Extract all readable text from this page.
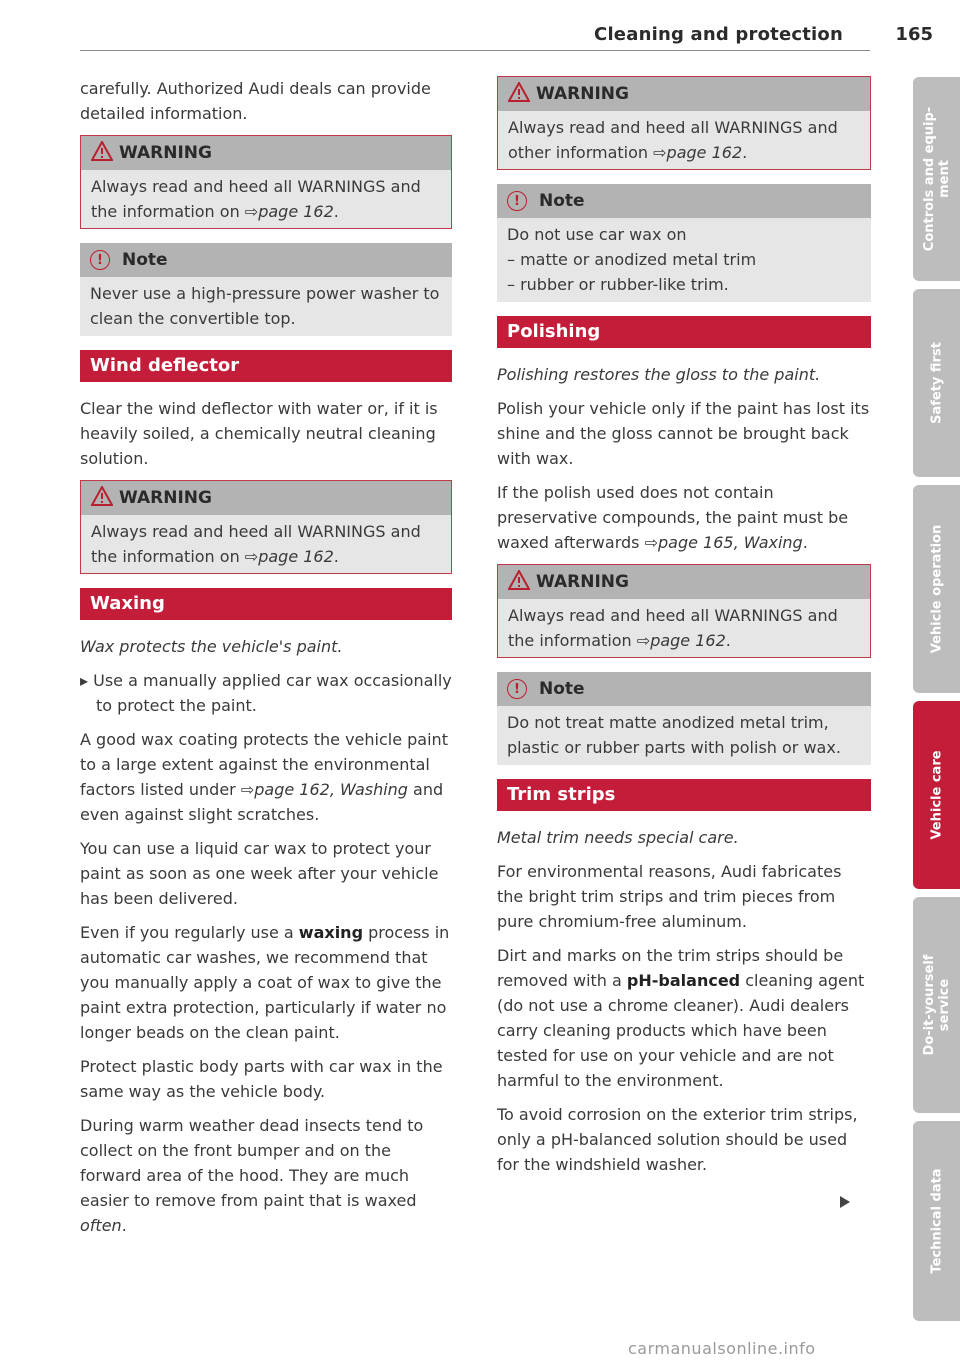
Cleaning and protection	165

carefully. Authorized Audi deals can provide detailed information.

WARNING
Always read and heed all WARNINGS and the information on ⇨page 162.
! Note
Never use a high-pressure power washer to clean the convertible top.
Wind deflector

Clear the wind deflector with water or, if it is heavily soiled, a chemically neutral cleaning solution.

WARNING
Always read and heed all WARNINGS and the information on ⇨page 162.
Waxing

Wax protects the vehicle's paint.

▸ Use a manually applied car wax occasionally to protect the paint.

A good wax coating protects the vehicle paint to a large extent against the environmental factors listed under ⇨page 162, Washing and even against slight scratches.

You can use a liquid car wax to protect your paint as soon as one week after your vehicle has been delivered.

Even if you regularly use a waxing process in automatic car washes, we recommend that you manually apply a coat of wax to give the paint extra protection, particularly if water no longer beads on the clean paint.

Protect plastic body parts with car wax in the same way as the vehicle body.

During warm weather dead insects tend to collect on the front bumper and on the forward area of the hood. They are much easier to remove from paint that is waxed often.

WARNING
Always read and heed all WARNINGS and other information ⇨page 162.
! Note

Do not use car wax on

– matte or anodized metal trim

– rubber or rubber-like trim.

Polishing

Polishing restores the gloss to the paint.

Polish your vehicle only if the paint has lost its shine and the gloss cannot be brought back with wax.

If the polish used does not contain preservative compounds, the paint must be waxed afterwards ⇨page 165, Waxing.

WARNING
Always read and heed all WARNINGS and the information ⇨page 162.
! Note
Do not treat matte anodized metal trim, plastic or rubber parts with polish or wax.
Trim strips

Metal trim needs special care.

For environmental reasons, Audi fabricates the bright trim strips and trim pieces from pure chromium-free aluminum.

Dirt and marks on the trim strips should be removed with a pH-balanced cleaning agent (do not use a chrome cleaner). Audi dealers carry cleaning products which have been tested for use on your vehicle and are not harmful to the environment.

To avoid corrosion on the exterior trim strips, only a pH-balanced solution should be used for the windshield washer.

Controls and equip-
ment
Safety first
Vehicle operation
Vehicle care
Do-it-yourself
service
Technical data
carmanualsonline.info
